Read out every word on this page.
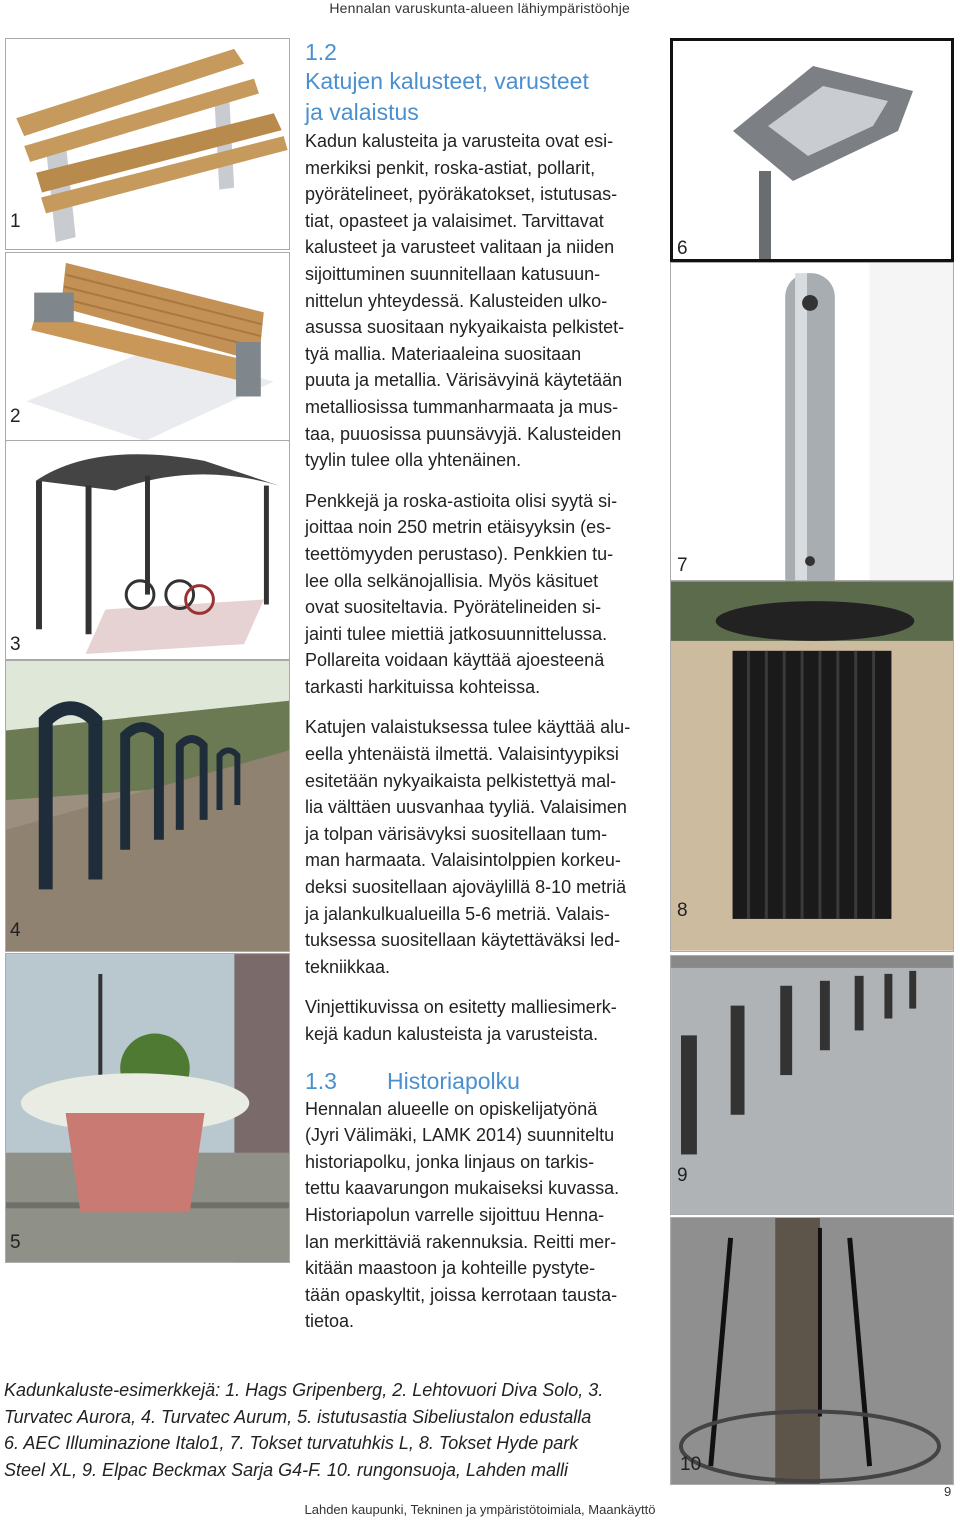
Hennalan varuskunta-alueen lähiympäristöohje
1
2
3
4
5
6
7
8
9
10
1.2
Katujen kalusteet, varusteet
ja valaistus
Kadun kalusteita ja varusteita ovat esi-
merkiksi penkit, roska-astiat, pollarit,
pyörätelineet, pyöräkatokset, istutusas-
tiat, opasteet ja valaisimet. Tarvittavat
kalusteet ja varusteet valitaan ja niiden
sijoittuminen suunnitellaan katusuun-
nittelun yhteydessä. Kalusteiden ulko-
asussa suositaan nykyaikaista pelkistet-
tyä mallia. Materiaaleina suositaan
puuta ja metallia. Värisävyinä käytetään
metalliosissa tummanharmaata ja mus-
taa, puuosissa puunsävyjä. Kalusteiden
tyylin tulee olla yhtenäinen.
Penkkejä ja roska-astioita olisi syytä si-
joittaa noin 250 metrin etäisyyksin (es-
teettömyyden perustaso). Penkkien tu-
lee olla selkänojallisia. Myös käsituet
ovat suositeltavia. Pyörätelineiden si-
jainti tulee miettiä jatkosuunnittelussa.
Pollareita voidaan käyttää ajoesteenä
tarkasti harkituissa kohteissa.
Katujen valaistuksessa tulee käyttää alu-
eella yhtenäistä ilmettä. Valaisintyypiksi
esitetään nykyaikaista pelkistettyä mal-
lia välttäen uusvanhaa tyyliä. Valaisimen
ja tolpan värisävyksi suositellaan tum-
man harmaata. Valaisintolppien korkeu-
deksi suositellaan ajoväylillä 8-10 metriä
ja jalankulkualueilla 5-6 metriä. Valais-
tuksessa suositellaan käytettäväksi led-
tekniikkaa.
Vinjettikuvissa on esitetty malliesimerk-
kejä kadun kalusteista ja varusteista.
1.3 Historiapolku
Hennalan alueelle on opiskelijatyönä
(Jyri Välimäki, LAMK 2014) suunniteltu
historiapolku, jonka linjaus on tarkis-
tettu kaavarungon mukaiseksi kuvassa.
Historiapolun varrelle sijoittuu Henna-
lan merkittäviä rakennuksia. Reitti mer-
kitään maastoon ja kohteille pystyte-
tään opaskyltit, joissa kerrotaan tausta-
tietoa.
Kadunkaluste-esimerkkejä: 1. Hags Gripenberg, 2. Lehtovuori Diva Solo, 3.
Turvatec Aurora, 4. Turvatec Aurum, 5. istutusastia Sibeliustalon edustalla
6. AEC Illuminazione Italo1, 7. Tokset turvatuhkis L, 8. Tokset Hyde park
Steel XL, 9. Elpac Beckmax Sarja G4-F. 10. rungonsuoja, Lahden malli
9
Lahden kaupunki, Tekninen ja ympäristötoimiala, Maankäyttö
